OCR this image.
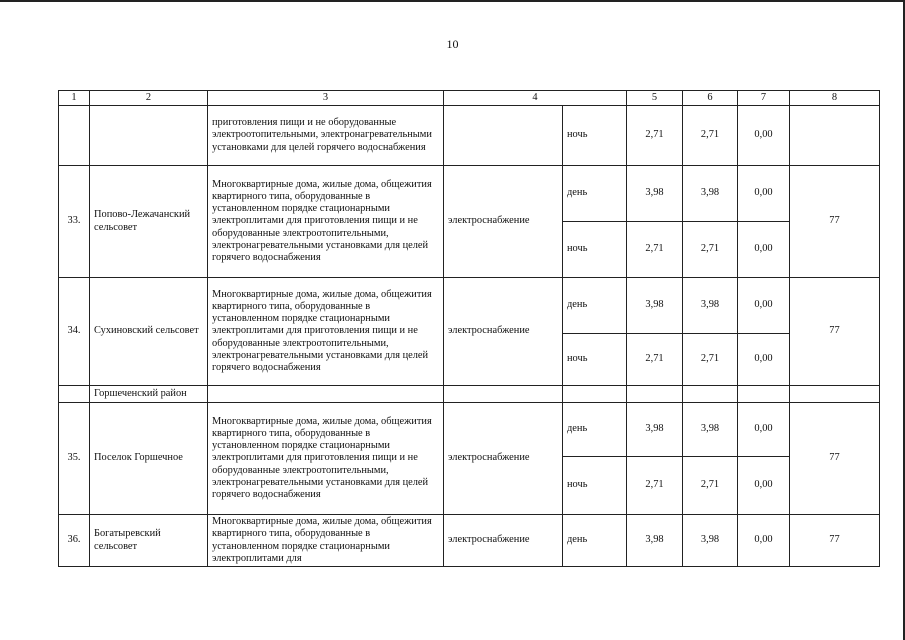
10
1	2	3	4		5	6	7	8
		приготовления пищи и не оборудованные электроотопительными, электронагревательными установками для целей горячего водоснабжения		ночь	2,71	2,71	0,00	
33.	Попово-Лежачанский сельсовет	Многоквартирные дома, жилые дома, общежития квартирного типа, оборудованные в установленном порядке стационарными электроплитами для приготовления пищи и не оборудованные электроотопительными, электронагревательными установками для целей горячего водоснабжения	электроснабжение	день	3,98	3,98	0,00	77
				ночь	2,71	2,71	0,00	
34.	Сухиновский сельсовет	Многоквартирные дома, жилые дома, общежития квартирного типа, оборудованные в установленном порядке стационарными электроплитами для приготовления пищи и не оборудованные электроотопительными, электронагревательными установками для целей горячего водоснабжения	электроснабжение	день	3,98	3,98	0,00	77
				ночь	2,71	2,71	0,00	
	Горшеченский район							
35.	Поселок Горшечное	Многоквартирные дома, жилые дома, общежития квартирного типа, оборудованные в установленном порядке стационарными электроплитами для приготовления пищи и не оборудованные электроотопительными, электронагревательными установками для целей горячего водоснабжения	электроснабжение	день	3,98	3,98	0,00	77
				ночь	2,71	2,71	0,00	
36.	Богатыревский сельсовет	Многоквартирные дома, жилые дома, общежития квартирного типа, оборудованные в установленном порядке стационарными электроплитами для	электроснабжение	день	3,98	3,98	0,00	77
